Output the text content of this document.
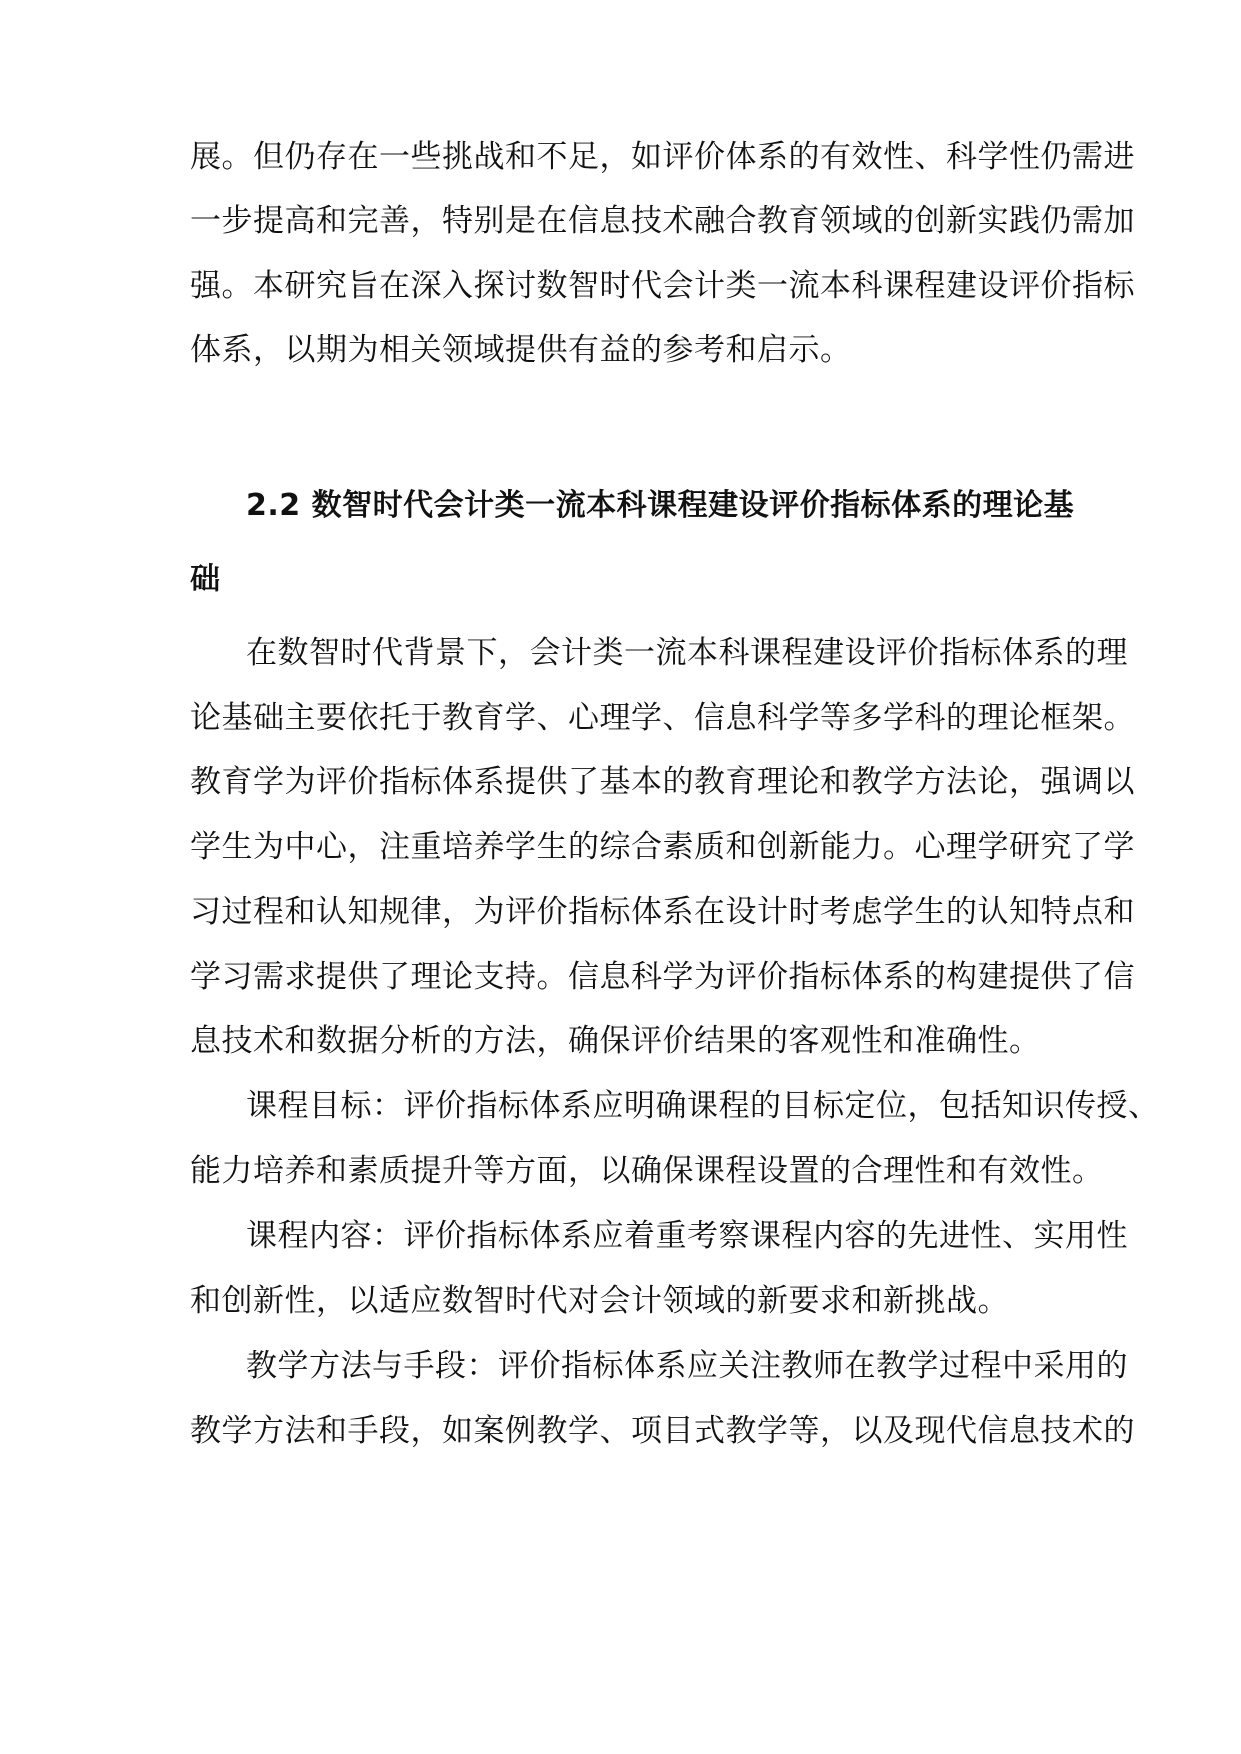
展。但仍存在一些挑战和不足，如评价体系的有效性、科学性仍需进
一步提高和完善，特别是在信息技术融合教育领域的创新实践仍需加
强。本研究旨在深入探讨数智时代会计类一流本科课程建设评价指标
体系，以期为相关领域提供有益的参考和启示。
2.2 数智时代会计类一流本科课程建设评价指标体系的理论基
础
在数智时代背景下，会计类一流本科课程建设评价指标体系的理
论基础主要依托于教育学、心理学、信息科学等多学科的理论框架。
教育学为评价指标体系提供了基本的教育理论和教学方法论，强调以
学生为中心，注重培养学生的综合素质和创新能力。心理学研究了学
习过程和认知规律，为评价指标体系在设计时考虑学生的认知特点和
学习需求提供了理论支持。信息科学为评价指标体系的构建提供了信
息技术和数据分析的方法，确保评价结果的客观性和准确性。
课程目标：评价指标体系应明确课程的目标定位，包括知识传授、
能力培养和素质提升等方面，以确保课程设置的合理性和有效性。
课程内容：评价指标体系应着重考察课程内容的先进性、实用性
和创新性，以适应数智时代对会计领域的新要求和新挑战。
教学方法与手段：评价指标体系应关注教师在教学过程中采用的
教学方法和手段，如案例教学、项目式教学等，以及现代信息技术的
